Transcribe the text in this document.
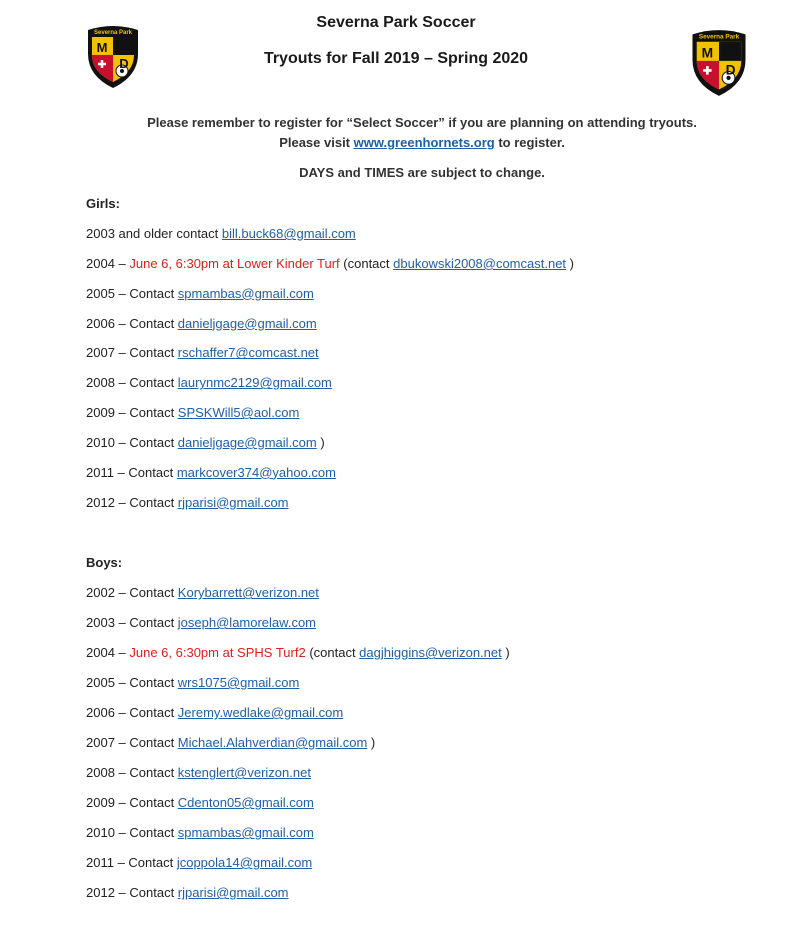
Severna Park Soccer
Tryouts for Fall 2019 – Spring 2020
Severna Park
M
D
Severna Park
M
D
Please remember to register for “Select Soccer” if you are planning on attending tryouts.
Please visit www.greenhornets.org to register.
DAYS and TIMES are subject to change.
Girls:
2003 and older contact bill.buck68@gmail.com
2004 – June 6, 6:30pm at Lower Kinder Turf (contact dbukowski2008@comcast.net )
2005 – Contact spmambas@gmail.com
2006 – Contact danieljgage@gmail.com
2007 – Contact rschaffer7@comcast.net
2008 – Contact laurynmc2129@gmail.com
2009 – Contact SPSKWill5@aol.com
2010 – Contact danieljgage@gmail.com )
2011 – Contact markcover374@yahoo.com
2012 – Contact rjparisi@gmail.com
Boys:
2002 – Contact Korybarrett@verizon.net
2003 – Contact joseph@lamorelaw.com
2004 – June 6, 6:30pm at SPHS Turf2 (contact dagjhiggins@verizon.net )
2005 – Contact wrs1075@gmail.com
2006 – Contact Jeremy.wedlake@gmail.com
2007 – Contact Michael.Alahverdian@gmail.com )
2008 – Contact kstenglert@verizon.net
2009 – Contact Cdenton05@gmail.com
2010 – Contact spmambas@gmail.com
2011 – Contact jcoppola14@gmail.com
2012 – Contact rjparisi@gmail.com
